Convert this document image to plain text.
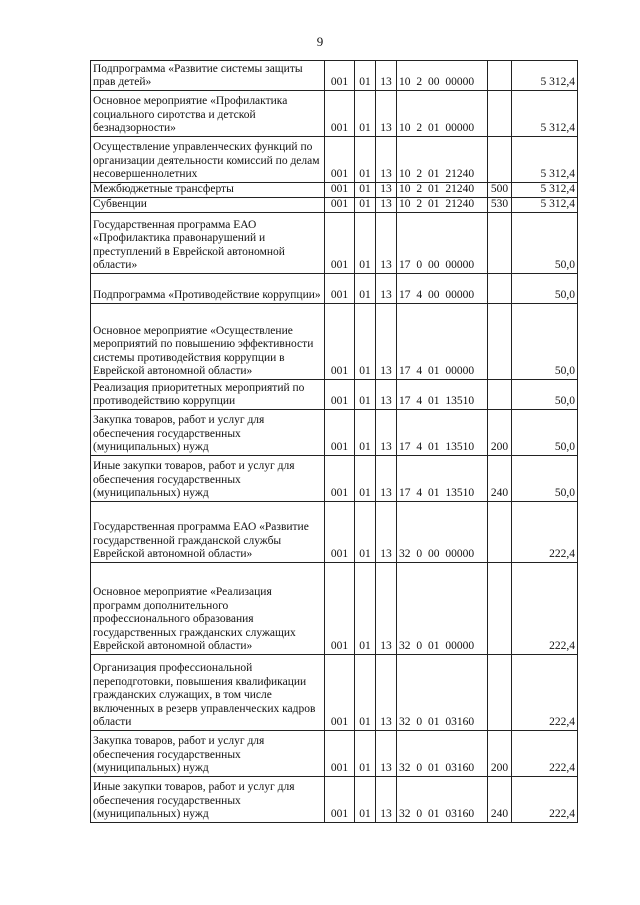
9
Подпрограмма «Развитие системы защиты прав детей»	001	01	13	10 2 00 00000		5 312,4
Основное мероприятие «Профилактика социального сиротства и детской безнадзорности»	001	01	13	10 2 01 00000		5 312,4
Осуществление управленческих функций по организации деятельности комиссий по делам несовершеннолетних	001	01	13	10 2 01 21240		5 312,4
Межбюджетные трансферты	001	01	13	10 2 01 21240	500	5 312,4
Субвенции	001	01	13	10 2 01 21240	530	5 312,4
Государственная программа ЕАО «Профилактика правонарушений и преступлений в Еврейской автономной области»	001	01	13	17 0 00 00000		50,0
Подпрограмма «Противодействие коррупции»	001	01	13	17 4 00 00000		50,0
Основное мероприятие «Осуществление мероприятий по повышению эффективности системы противодействия коррупции в Еврейской автономной области»	001	01	13	17 4 01 00000		50,0
Реализация приоритетных мероприятий по противодействию коррупции	001	01	13	17 4 01 13510		50,0
Закупка товаров, работ и услуг для обеспечения государственных (муниципальных) нужд	001	01	13	17 4 01 13510	200	50,0
Иные закупки товаров, работ и услуг для обеспечения государственных (муниципальных) нужд	001	01	13	17 4 01 13510	240	50,0
Государственная программа ЕАО «Развитие государственной гражданской службы Еврейской автономной области»	001	01	13	32 0 00 00000		222,4
Основное мероприятие «Реализация программ дополнительного профессионального образования государственных гражданских служащих Еврейской автономной области»	001	01	13	32 0 01 00000		222,4
Организация профессиональной переподготовки, повышения квалификации гражданских служащих, в том числе включенных в резерв управленческих кадров области	001	01	13	32 0 01 03160		222,4
Закупка товаров, работ и услуг для обеспечения государственных (муниципальных) нужд	001	01	13	32 0 01 03160	200	222,4
Иные закупки товаров, работ и услуг для обеспечения государственных (муниципальных) нужд	001	01	13	32 0 01 03160	240	222,4
